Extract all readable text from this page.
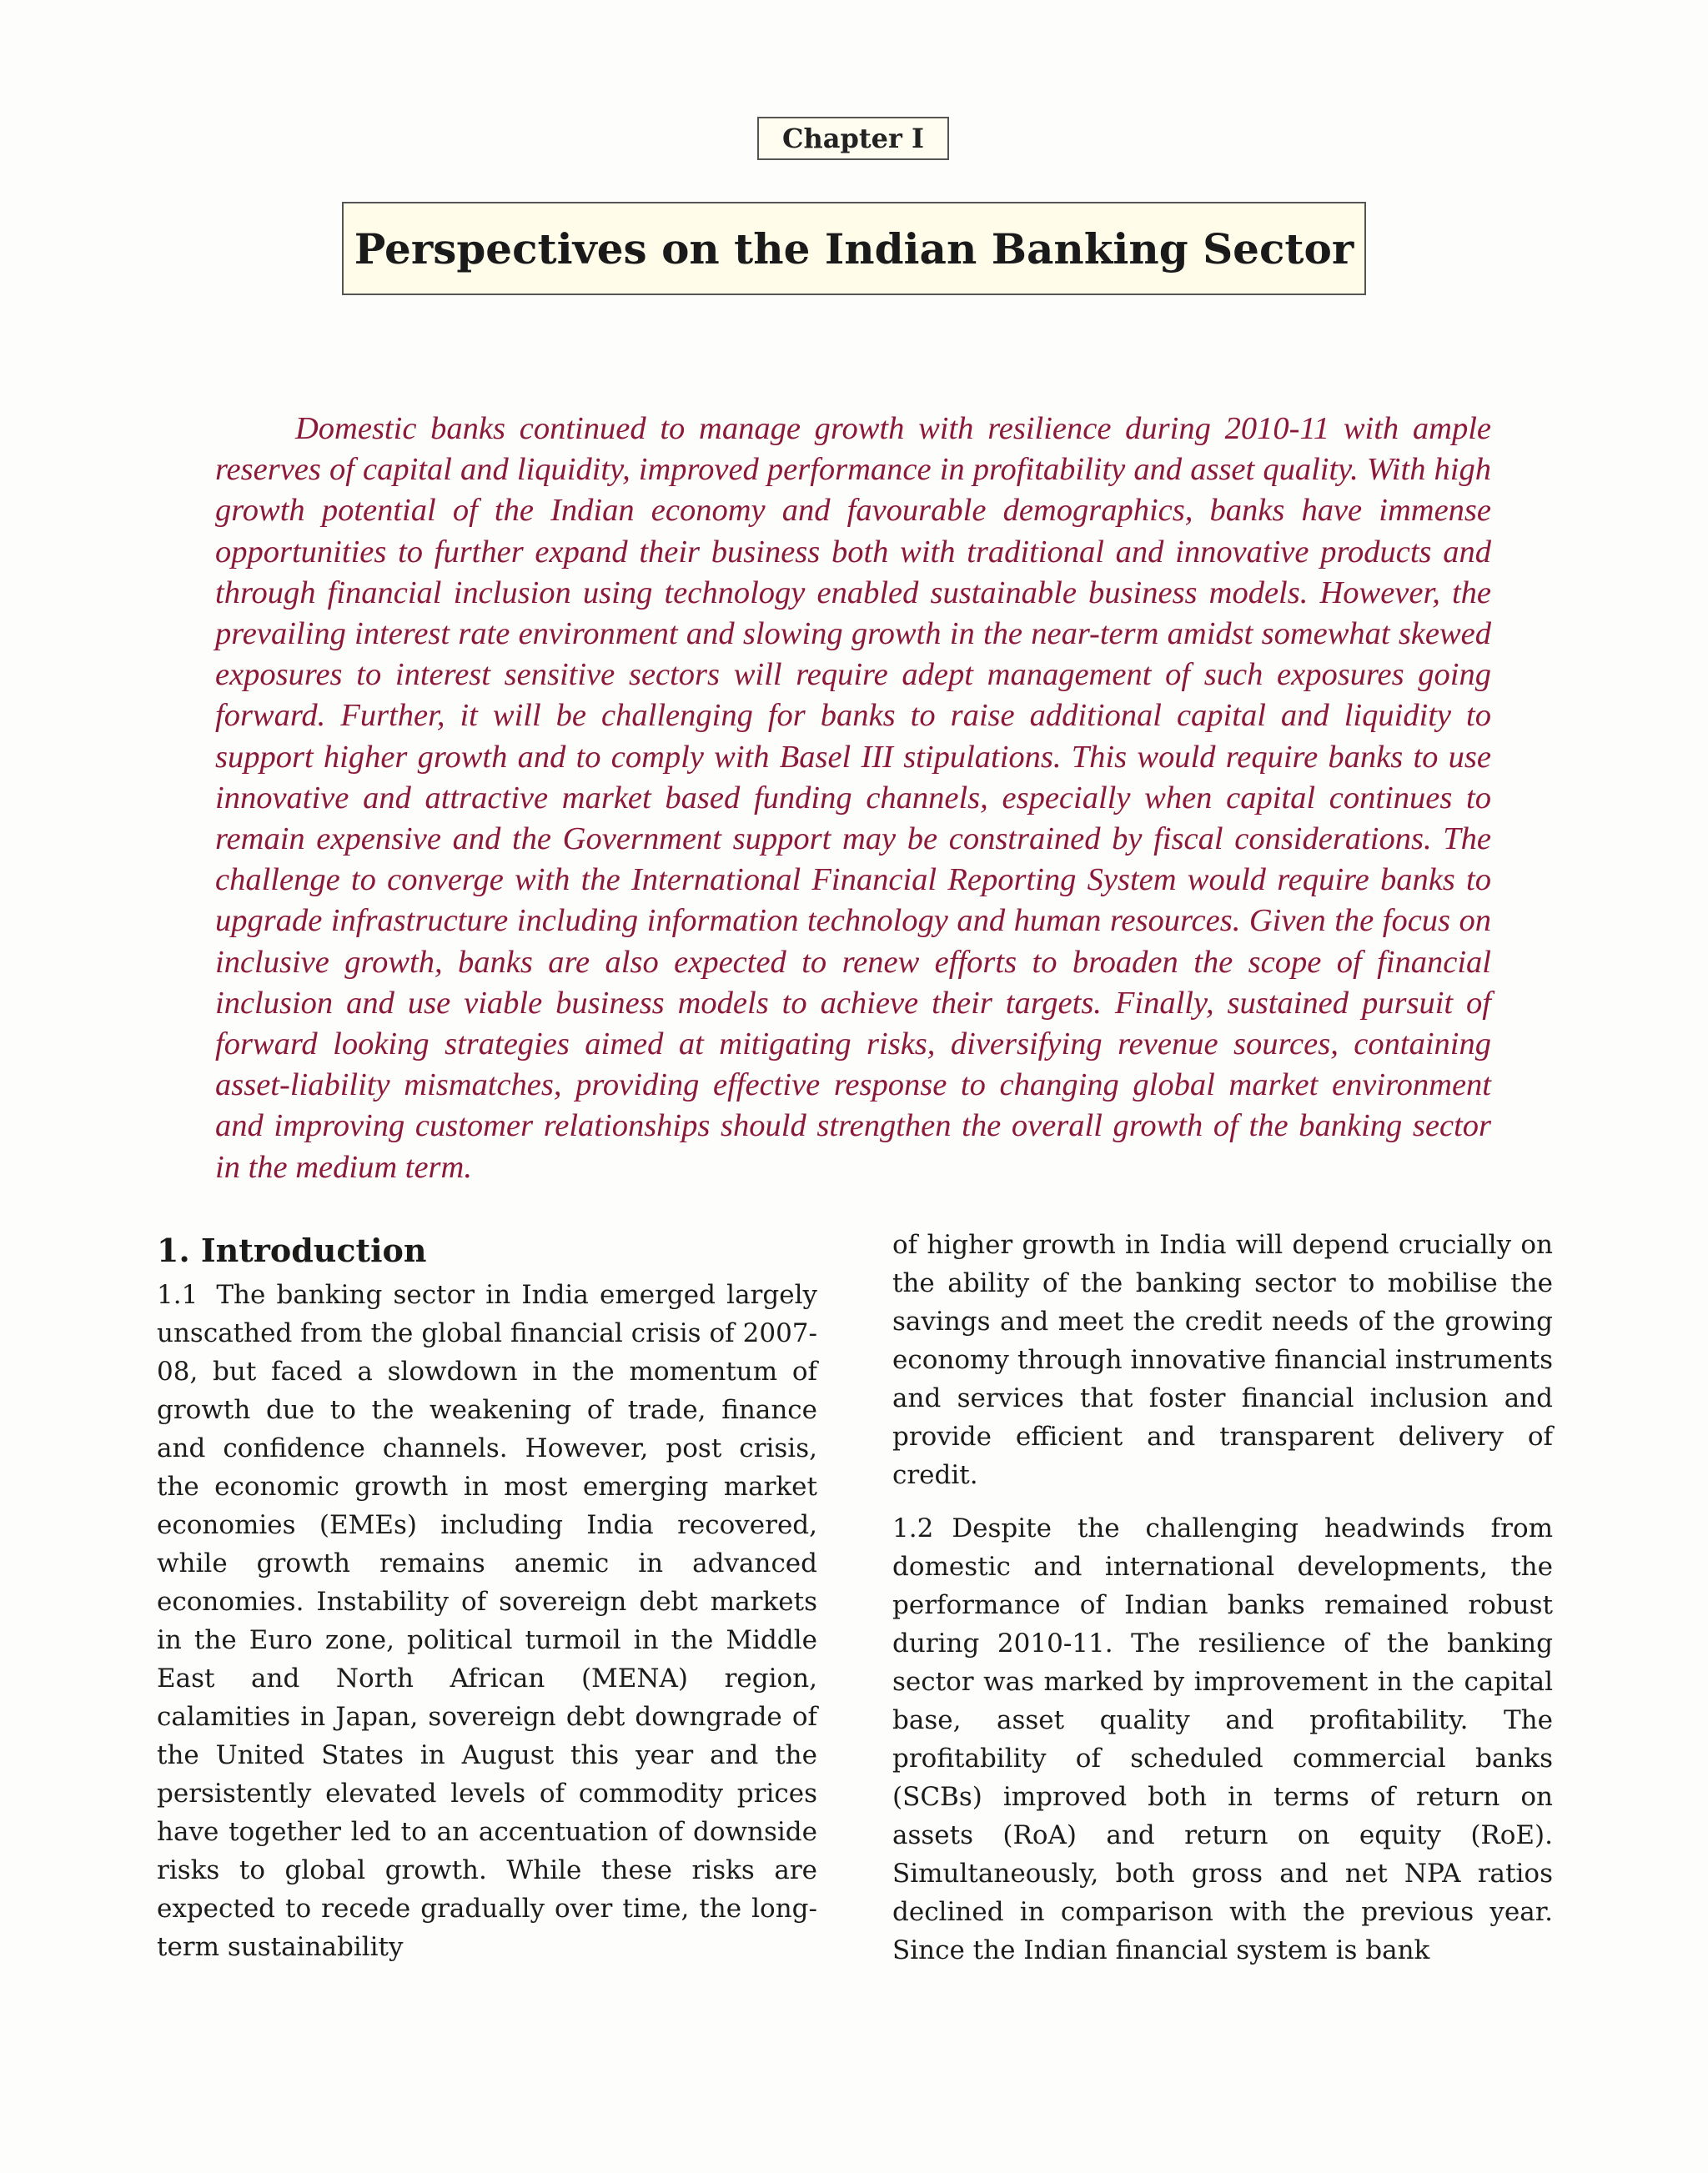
Chapter I
Perspectives on the Indian Banking Sector

Domestic banks continued to manage growth with resilience during 2010-11 with ample reserves of capital and liquidity, improved performance in profitability and asset quality. With high growth potential of the Indian economy and favourable demographics, banks have immense opportunities to further expand their business both with traditional and innovative products and through financial inclusion using technology enabled sustainable business models. However, the prevailing interest rate environment and slowing growth in the near-term amidst somewhat skewed exposures to interest sensitive sectors will require adept management of such exposures going forward. Further, it will be challenging for banks to raise additional capital and liquidity to support higher growth and to comply with Basel III stipulations. This would require banks to use innovative and attractive market based funding channels, especially when capital continues to remain expensive and the Government support may be constrained by fiscal considerations. The challenge to converge with the International Financial Reporting System would require banks to upgrade infrastructure including information technology and human resources. Given the focus on inclusive growth, banks are also expected to renew efforts to broaden the scope of financial inclusion and use viable business models to achieve their targets. Finally, sustained pursuit of forward looking strategies aimed at mitigating risks, diversifying revenue sources, containing asset-liability mismatches, providing effective response to changing global market environment and improving customer relationships should strengthen the overall growth of the banking sector in the medium term.

1. Introduction

1.1 The banking sector in India emerged largely unscathed from the global financial crisis of 2007-08, but faced a slowdown in the momentum of growth due to the weakening of trade, finance and confidence channels. However, post crisis, the economic growth in most emerging market economies (EMEs) including India recovered, while growth remains anemic in advanced economies. Instability of sovereign debt markets in the Euro zone, political turmoil in the Middle East and North African (MENA) region, calamities in Japan, sovereign debt downgrade of the United States in August this year and the persistently elevated levels of commodity prices have together led to an accentuation of downside risks to global growth. While these risks are expected to recede gradually over time, the long-term sustainability

of higher growth in India will depend crucially on the ability of the banking sector to mobilise the savings and meet the credit needs of the growing economy through innovative financial instruments and services that foster financial inclusion and provide efficient and transparent delivery of credit.

1.2 Despite the challenging headwinds from domestic and international developments, the performance of Indian banks remained robust during 2010-11. The resilience of the banking sector was marked by improvement in the capital base, asset quality and profitability. The profitability of scheduled commercial banks (SCBs) improved both in terms of return on assets (RoA) and return on equity (RoE). Simultaneously, both gross and net NPA ratios declined in comparison with the previous year. Since the Indian financial system is bank
